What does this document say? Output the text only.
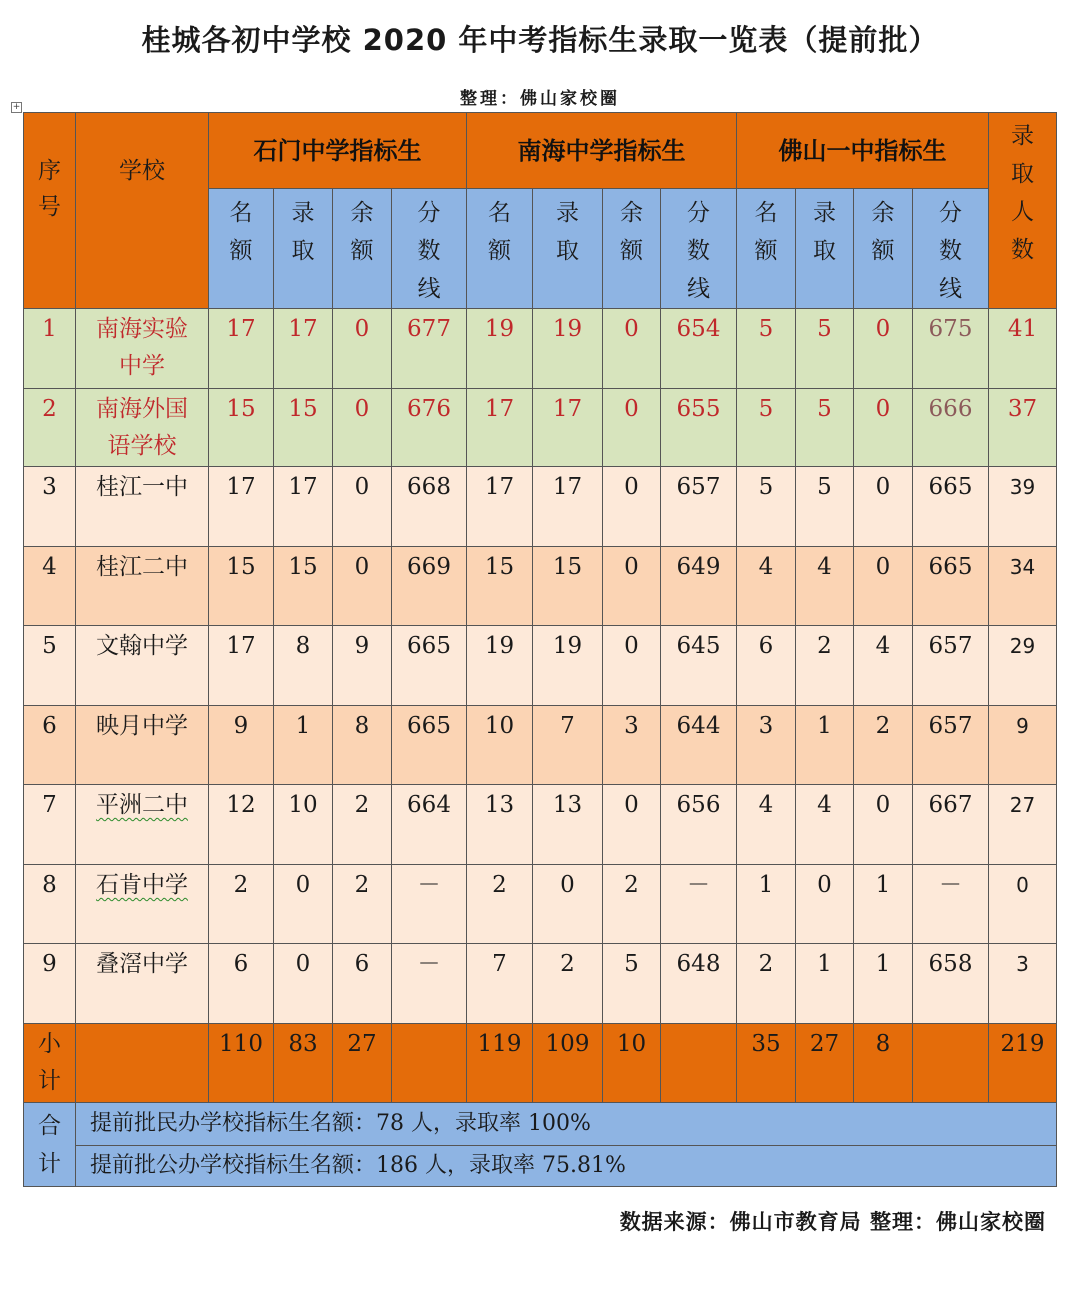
桂城各初中学校 2020 年中考指标生录取一览表（提前批）
+	整理：佛山家校圈
序号	学校	石门中学指标生				南海中学指标生				佛山一中指标生				录取人数

		名额	录取	余额	分数线	名额	录取	余额	分数线	名额	录取	余额	分数线	

1	南海实验中学	17	17	0	677	19	19	0	654	5	5	0	675	41
2	南海外国语学校	15	15	0	676	17	17	0	655	5	5	0	666	37
3	桂江一中	17	17	0	668	17	17	0	657	5	5	0	665	39
4	桂江二中	15	15	0	669	15	15	0	649	4	4	0	665	34
5	文翰中学	17	8	9	665	19	19	0	645	6	2	4	657	29
6	映月中学	9	1	8	665	10	7	3	644	3	1	2	657	9
7	平洲二中	12	10	2	664	13	13	0	656	4	4	0	667	27
8	石肯中学	2	0	2	－	2	0	2	－	1	0	1	－	0
9	叠滘中学	6	0	6	－	7	2	5	648	2	1	1	658	3

小计		110	83	27		119	109	10		35	27	8		219

合计	提前批民办学校指标生名额：78 人，录取率 100%													
	提前批公办学校指标生名额：186 人，录取率 75.81%													
数据来源：佛山市教育局 整理：佛山家校圈
